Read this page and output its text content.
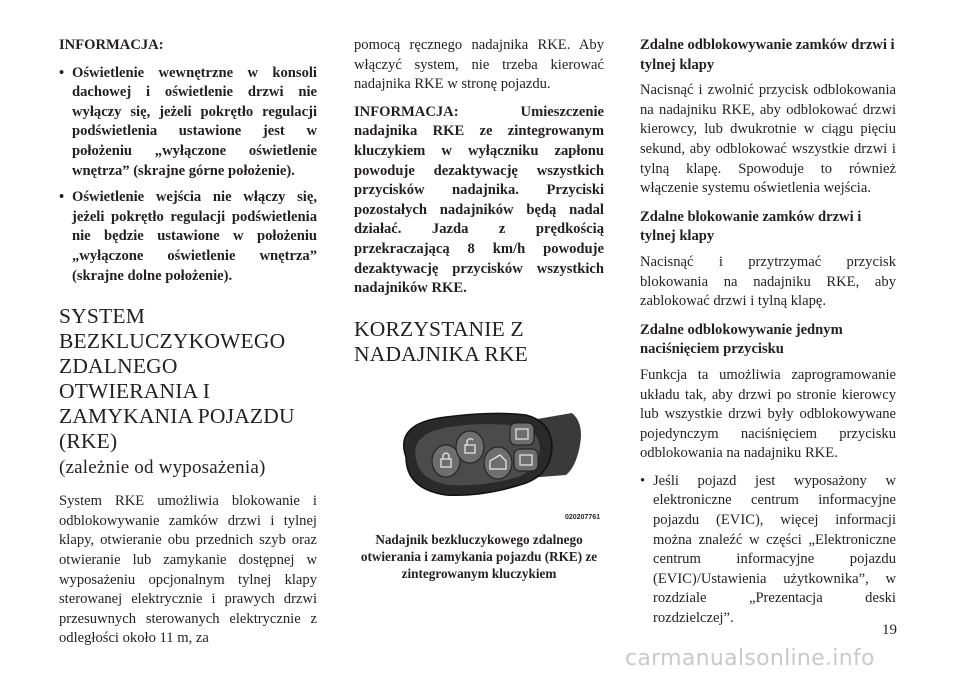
INFORMACJA:

• Oświetlenie wewnętrzne w konsoli dachowej i oświetlenie drzwi nie wyłączy się, jeżeli pokrętło regulacji podświetlenia ustawione jest w położeniu „wyłączone oświetlenie wnętrza” (skrajne górne położenie).
• Oświetlenie wejścia nie włączy się, jeżeli pokrętło regulacji podświetlenia nie będzie ustawione w położeniu „wyłączone oświetlenie wnętrza” (skrajne dolne położenie).
SYSTEM BEZKLUCZYKOWEGO ZDALNEGO OTWIERANIA I ZAMYKANIA POJAZDU (RKE)
(zależnie od wyposażenia)

System RKE umożliwia blokowanie i odblokowywanie zamków drzwi i tylnej klapy, otwieranie obu przednich szyb oraz otwieranie lub zamykanie dostępnej w wyposażeniu opcjonalnym tylnej klapy sterowanej elektrycznie i prawych drzwi przesuwnych sterowanych elektrycznie z odległości około 11 m, za

pomocą ręcznego nadajnika RKE. Aby włączyć system, nie trzeba kierować nadajnika RKE w stronę pojazdu.

INFORMACJA:	Umieszczenie nadajnika RKE ze zintegrowanym kluczykiem w wyłączniku zapłonu powoduje dezaktywację wszystkich przycisków nadajnika. Przyciski pozostałych nadajników będą nadal działać. Jazda z prędkością przekraczającą 8 km/h powoduje dezaktywację przycisków wszystkich nadajników RKE.

KORZYSTANIE Z NADAJNIKA RKE
020207761

Nadajnik bezkluczykowego zdalnego otwierania i zamykania pojazdu (RKE) ze zintegrowanym kluczykiem

Zdalne odblokowywanie zamków drzwi i tylnej klapy

Nacisnąć i zwolnić przycisk odblokowania na nadajniku RKE, aby odblokować drzwi kierowcy, lub dwukrotnie w ciągu pięciu sekund, aby odblokować wszystkie drzwi i tylną klapę. Spowoduje to również włączenie systemu oświetlenia wejścia.

Zdalne blokowanie zamków drzwi i tylnej klapy

Nacisnąć i przytrzymać przycisk blokowania na nadajniku RKE, aby zablokować drzwi i tylną klapę.

Zdalne odblokowywanie jednym naciśnięciem przycisku

Funkcja ta umożliwia zaprogramowanie układu tak, aby drzwi po stronie kierowcy lub wszystkie drzwi były odblokowywane pojedynczym naciśnięciem przycisku odblokowania na nadajniku RKE.

• Jeśli pojazd jest wyposażony w elektroniczne centrum informacyjne pojazdu (EVIC), więcej informacji można znaleźć w części „Elektroniczne centrum informacyjne pojazdu (EVIC)/Ustawienia użytkownika”, w rozdziale „Prezentacja deski rozdzielczej”.
19
carmanualsonline.info
